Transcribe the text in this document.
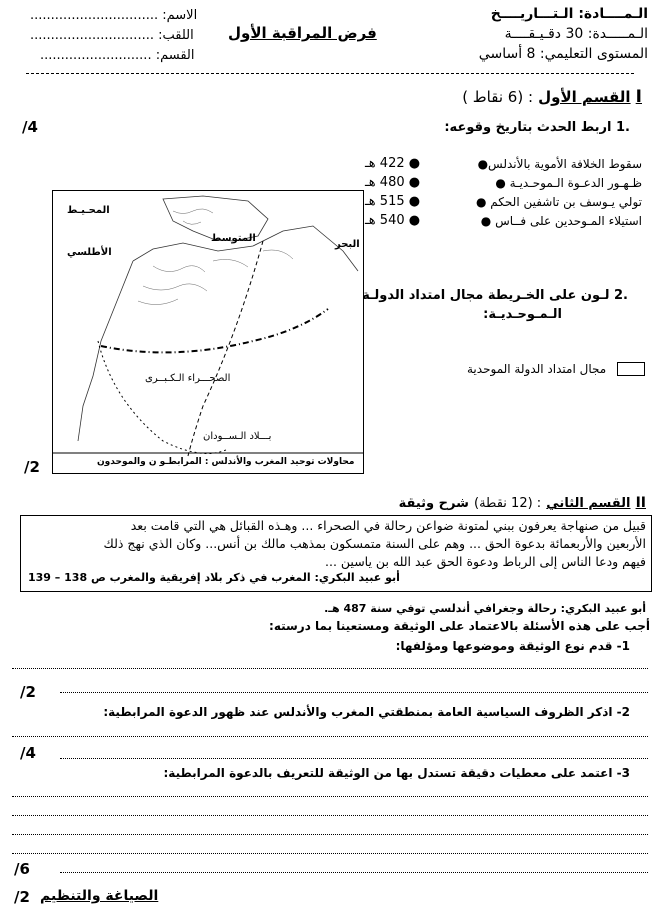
الـمــــادة: الـتـــاريــــخ
الـمـــــدة: 30 دقـيـقــــة
المستوى التعليمي: 8 أساسي
فرض المراقبة الأول
الاسم: ...............................
اللقب: ..............................
القسم: ...........................
I القسم الأول : (6 نقاط )
/4	.1 اربط الحدث بتاريخ وقوعه:
سقوط الخلافة الأموية بالأندلس●
ظـهـور الدعـوة الـموحـديـة ●
تولي يـوسف بن تاشفين الحكم ●
استيلاء المـوحدين على فــاس ●
● 422 هـ
● 480 هـ
● 515 هـ
● 540 هـ
المحـيـط
الأطلسي
المتوسط
البحر
الصحـــراء الـكـبــرى
بـــلاد الـســودان
محاولات توحيد المغرب والأندلس : المرابطـو ن والموحدون
.2 لـون على الخـريطة مجال امتداد الدولـة
الـمـوحـديـة:
مجال امتداد الدولة الموحدية
/2
II القسم الثاني : (12 نقطة) شرح وثيقة
قبيل من صنهاجة يعرفون ببني لمتونة ضواعن رحالة في الصحراء ... وهـذه القبائل هي التي قامت بعد
الأربعين والأربعمائة بدعوة الحق ... وهم على السنة متمسكون بمذهب مالك بن أنس... وكان الذي نهج ذلك
فيهم ودعا الناس إلى الرباط ودعوة الحق عبد الله بن ياسين ...
أبو عبيد البكري: المغرب في ذكر بلاد إفريقية والمغرب ص 138 – 139
أبو عبيد البكري: رحالة وجغرافي أندلسي توفي سنة 487 هـ.
أجب على هذه الأسئلة بالاعتماد على الوثيقة ومستعينا بما درسته:
1- قدم نوع الوثيقة وموضوعها ومؤلفها:
/2
2- اذكر الظروف السياسية العامة بمنطقتي المغرب والأندلس عند ظهور الدعوة المرابطية:
/4
3- اعتمد على معطيات دقيقة تستدل بها من الوثيقة للتعريف بالدعوة المرابطية:
/6
الصياغة والتنظيم
/2
